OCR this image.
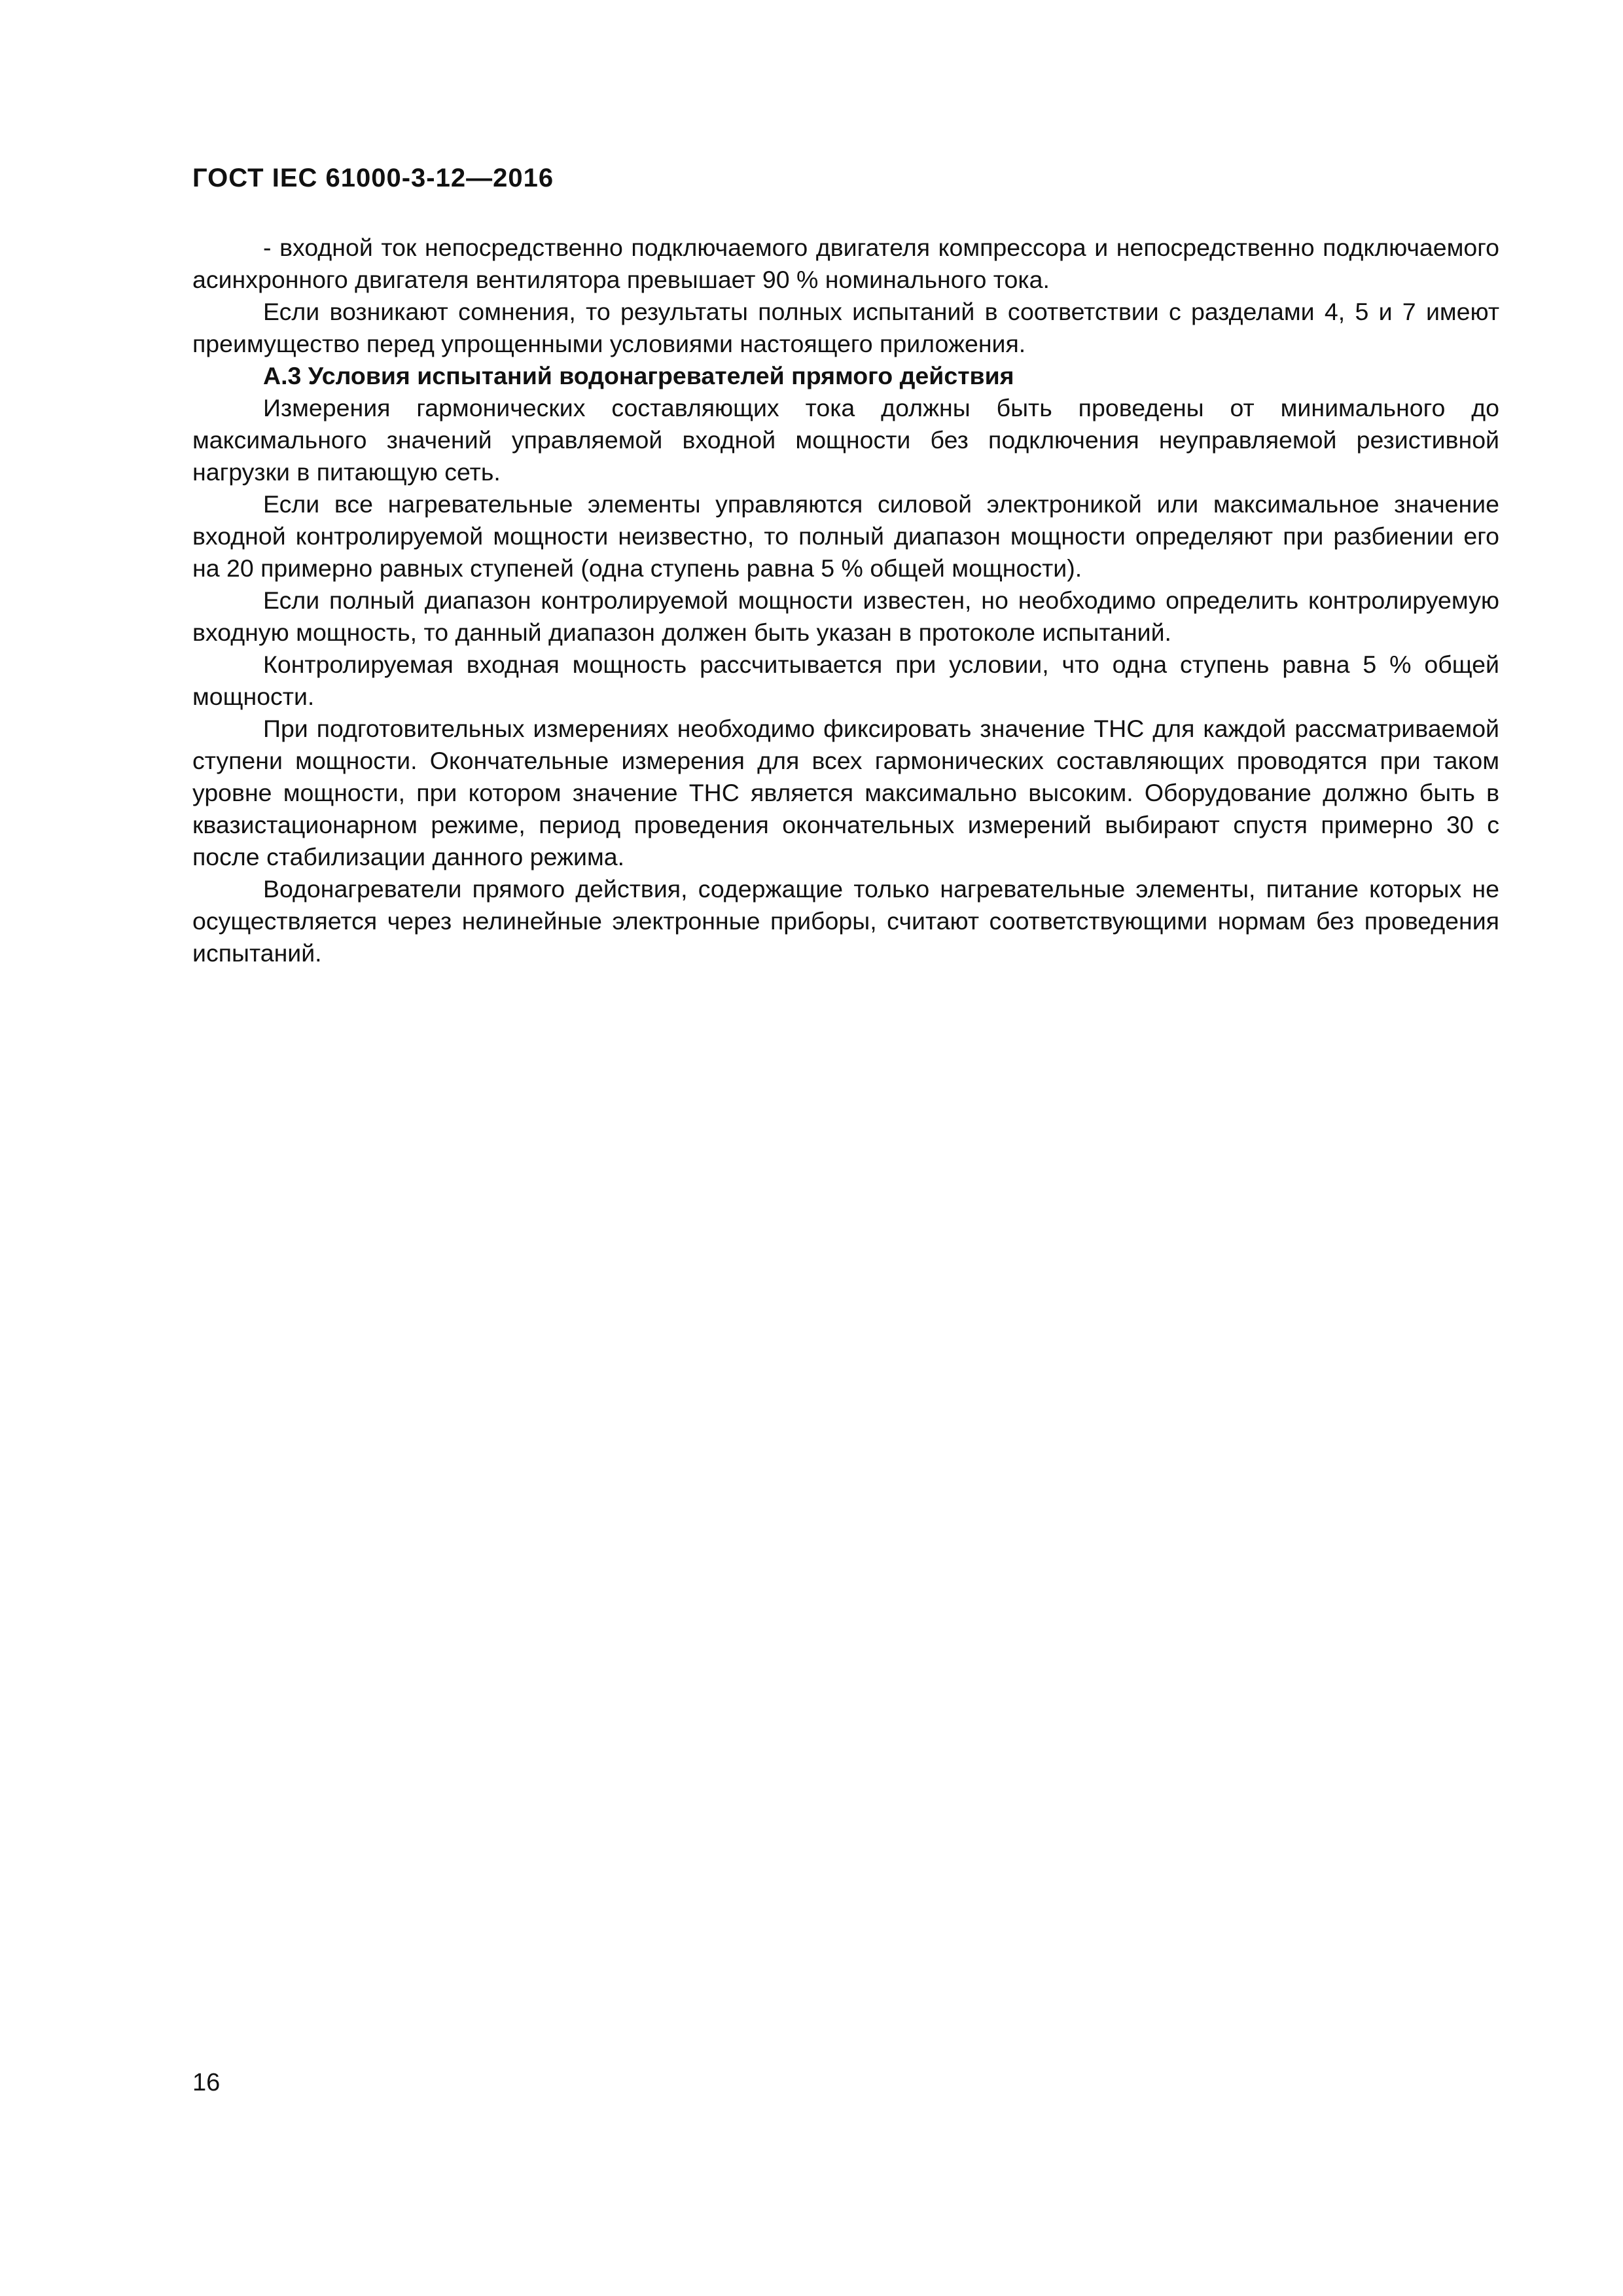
ГОСТ IEC 61000-3-12—2016

- входной ток непосредственно подключаемого двигателя компрессора и непосредственно подключаемого асинхронного двигателя вентилятора превышает 90 % номинального тока.

Если возникают сомнения, то результаты полных испытаний в соответствии с разделами 4, 5 и 7 имеют преимущество перед упрощенными условиями настоящего приложения.

А.3 Условия испытаний водонагревателей прямого действия

Измерения гармонических составляющих тока должны быть проведены от минимального до максимального значений управляемой входной мощности без подключения неуправляемой резистивной нагрузки в питающую сеть.

Если все нагревательные элементы управляются силовой электроникой или максимальное значение входной контролируемой мощности неизвестно, то полный диапазон мощности определяют при разбиении его на 20 примерно равных ступеней (одна ступень равна 5 % общей мощности).

Если полный диапазон контролируемой мощности известен, но необходимо определить контролируемую входную мощность, то данный диапазон должен быть указан в протоколе испытаний.

Контролируемая входная мощность рассчитывается при условии, что одна ступень равна 5 % общей мощности.

При подготовительных измерениях необходимо фиксировать значение ТНС для каждой рассматриваемой ступени мощности. Окончательные измерения для всех гармонических составляющих проводятся при таком уровне мощности, при котором значение ТНС является максимально высоким. Оборудование должно быть в квазистационарном режиме, период проведения окончательных измерений выбирают спустя примерно 30 с после стабилизации данного режима.

Водонагреватели прямого действия, содержащие только нагревательные элементы, питание которых не осуществляется через нелинейные электронные приборы, считают соответствующими нормам без проведения испытаний.

16
